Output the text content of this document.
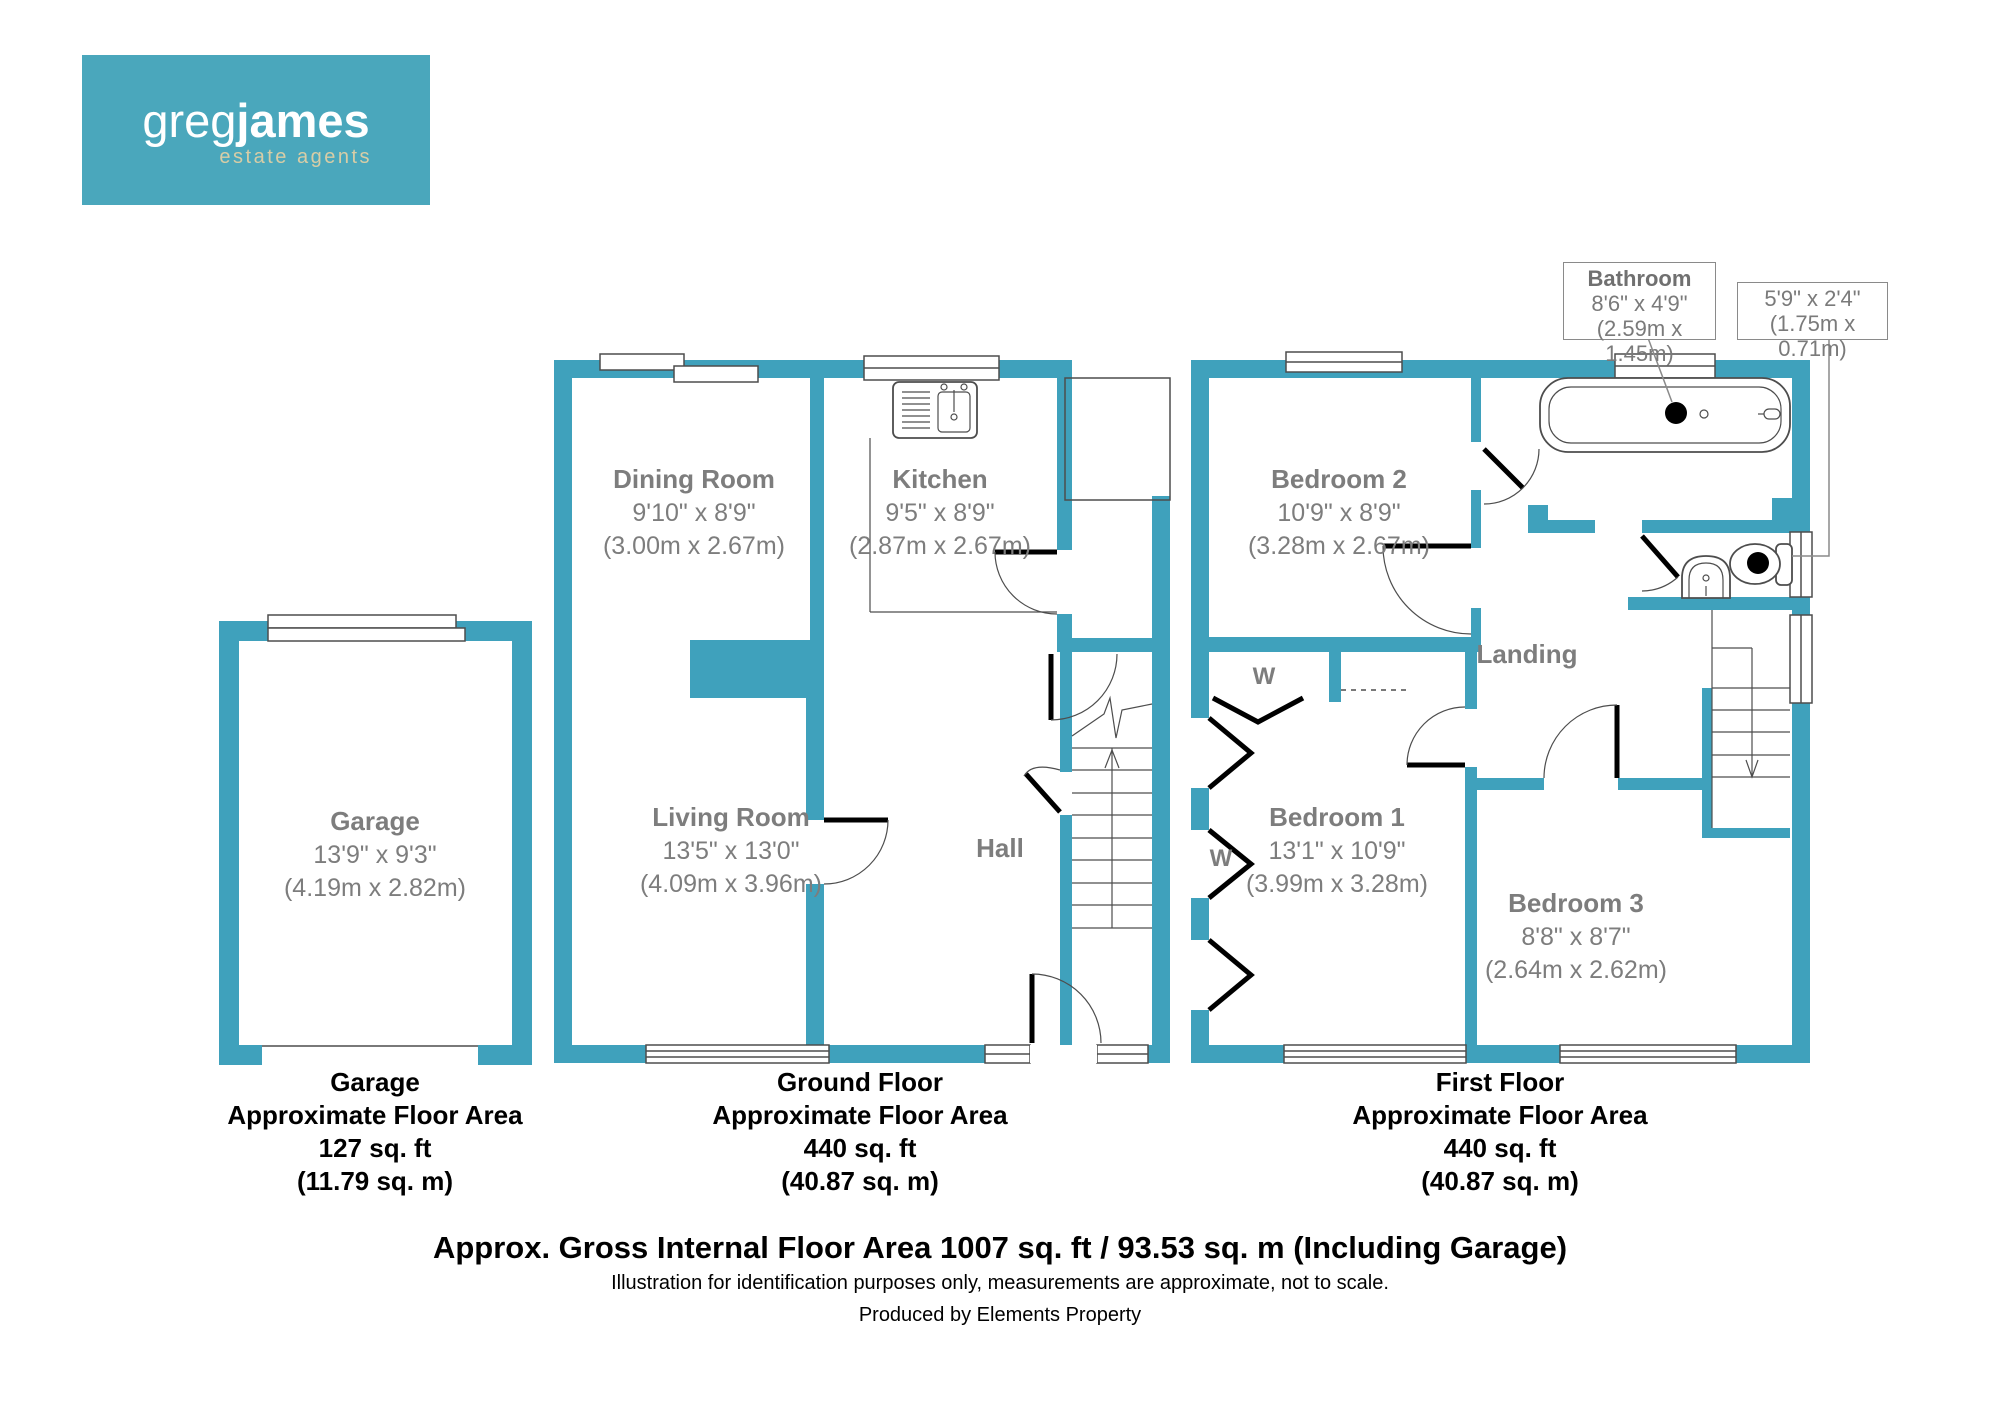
Garage
13'9" x 9'3"
(4.19m x 2.82m)
Dining Room
9'10" x 8'9"
(3.00m x 2.67m)
Kitchen
9'5" x 8'9"
(2.87m x 2.67m)
Living Room
13'5" x 13'0"
(4.09m x 3.96m)
Hall
W
W
Bedroom 2
10'9" x 8'9"
(3.28m x 2.67m)
Bedroom 1
13'1" x 10'9"
(3.99m x 3.28m)
Bedroom 3
8'8" x 8'7"
(2.64m x 2.62m)
Landing
gregjames
estate agents
Bathroom
8'6" x 4'9"
(2.59m x 1.45m)
5'9" x 2'4"
(1.75m x 0.71m)
Garage
Approximate Floor Area
127 sq. ft
(11.79 sq. m)
Ground Floor
Approximate Floor Area
440 sq. ft
(40.87 sq. m)
First Floor
Approximate Floor Area
440 sq. ft
(40.87 sq. m)
Approx. Gross Internal Floor Area 1007 sq. ft / 93.53 sq. m (Including Garage)
Illustration for identification purposes only, measurements are approximate, not to scale.
Produced by Elements Property
